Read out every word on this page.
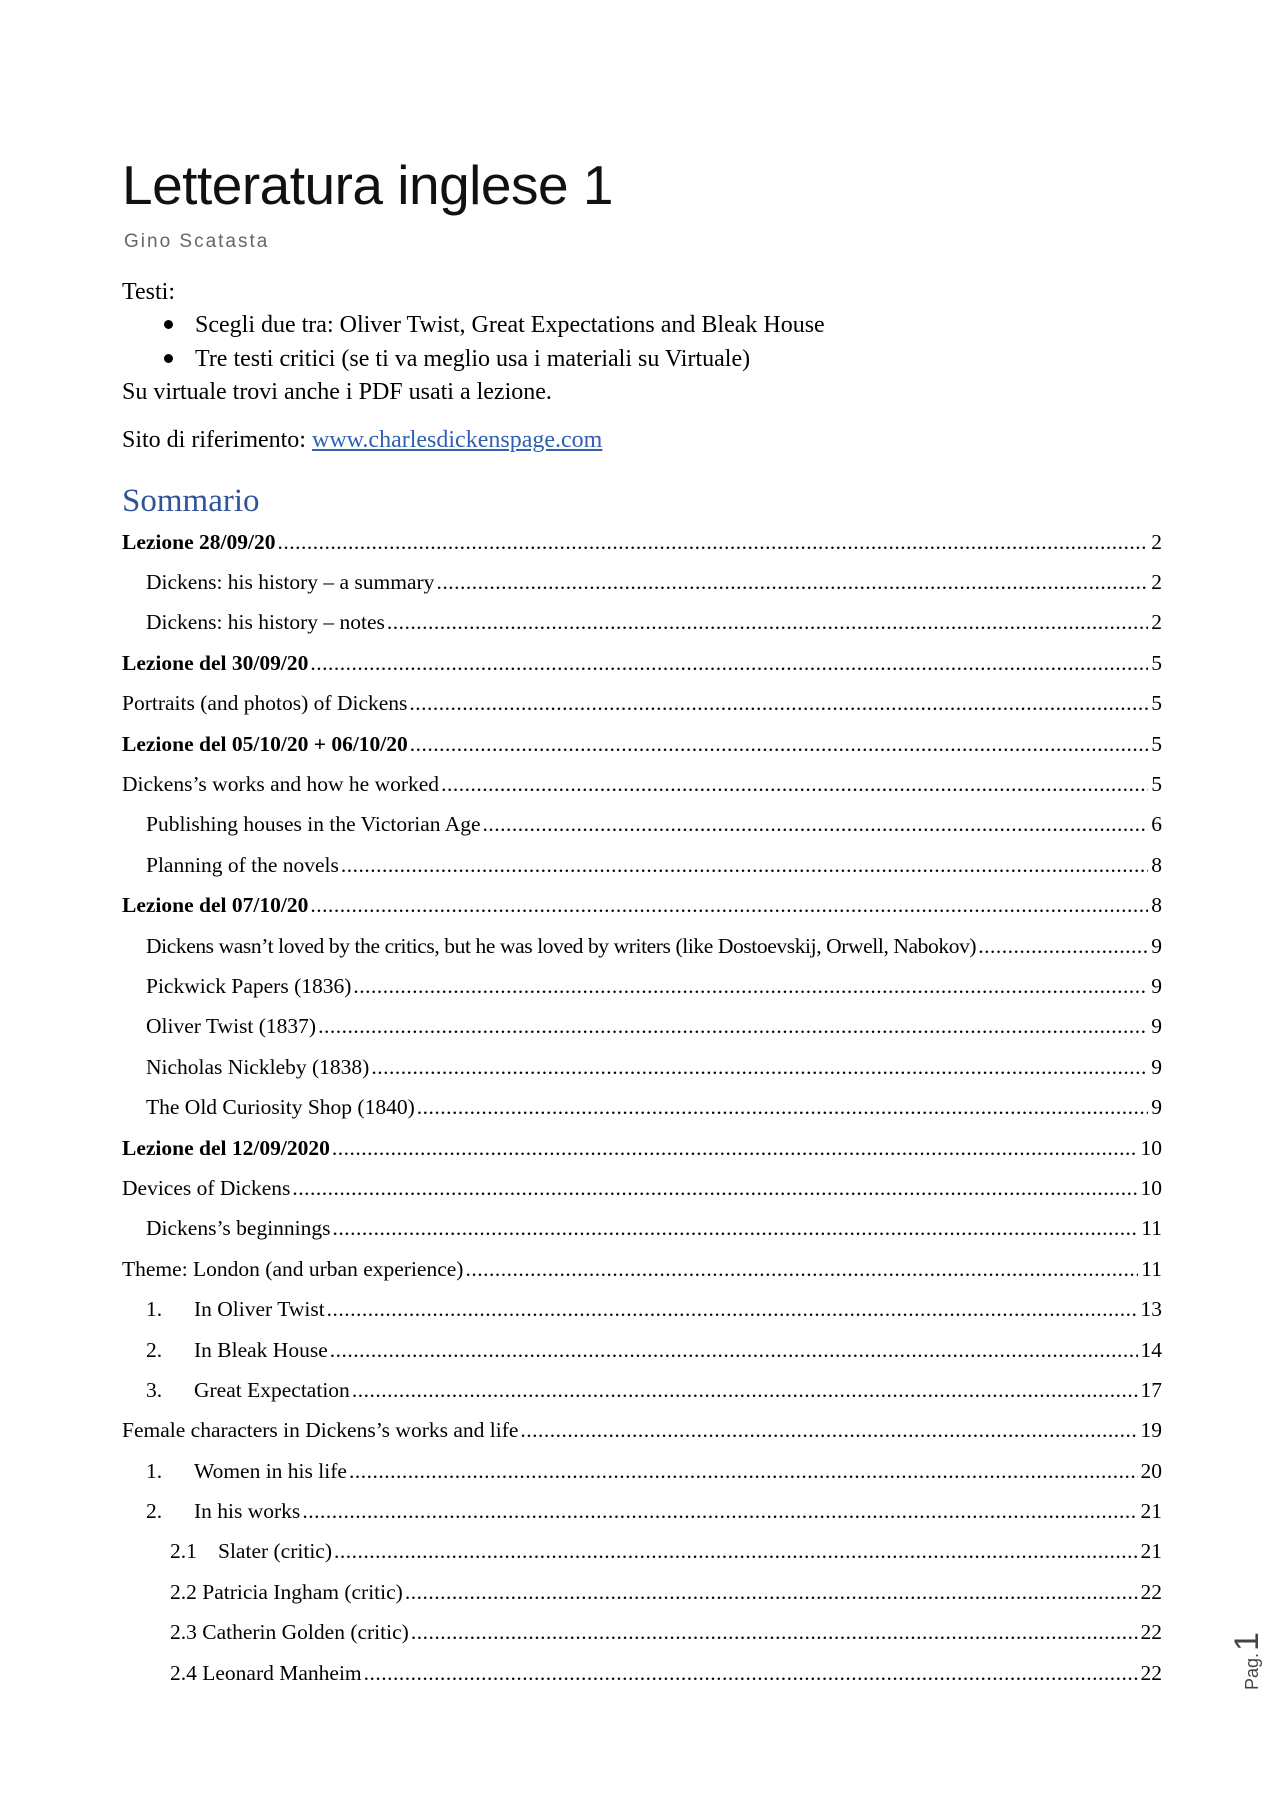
Letteratura inglese 1
Gino Scatasta
Testi:
Scegli due tra: Oliver Twist, Great Expectations and Bleak House
Tre testi critici (se ti va meglio usa i materiali su Virtuale)
Su virtuale trovi anche i PDF usati a lezione.
Sito di riferimento: www.charlesdickenspage.com
Sommario
Lezione 28/09/20 .....	2
Dickens: his history – a summary .....	2
Dickens: his history – notes .....	2
Lezione del 30/09/20 .....	5
Portraits (and photos) of Dickens .....	5
Lezione del 05/10/20 + 06/10/20 .....	5
Dickens’s works and how he worked .....	5
Publishing houses in the Victorian Age .....	6
Planning of the novels .....	8
Lezione del 07/10/20 .....	8
Dickens wasn’t loved by the critics, but he was loved by writers (like Dostoevskij, Orwell, Nabokov) .....	9
Pickwick Papers (1836) .....	9
Oliver Twist (1837) .....	9
Nicholas Nickleby (1838) .....	9
The Old Curiosity Shop (1840) .....	9
Lezione del 12/09/2020 .....	10
Devices of Dickens .....	10
Dickens’s beginnings .....	11
Theme: London (and urban experience) .....	11
1. In Oliver Twist .....	13
2. In Bleak House .....	14
3. Great Expectation .....	17
Female characters in Dickens’s works and life .....	19
1. Women in his life .....	20
2. In his works .....	21
2.1 Slater (critic) .....	21
2.2 Patricia Ingham (critic) .....	22
2.3 Catherin Golden (critic) .....	22
2.4 Leonard Manheim .....	22	Pag.1
